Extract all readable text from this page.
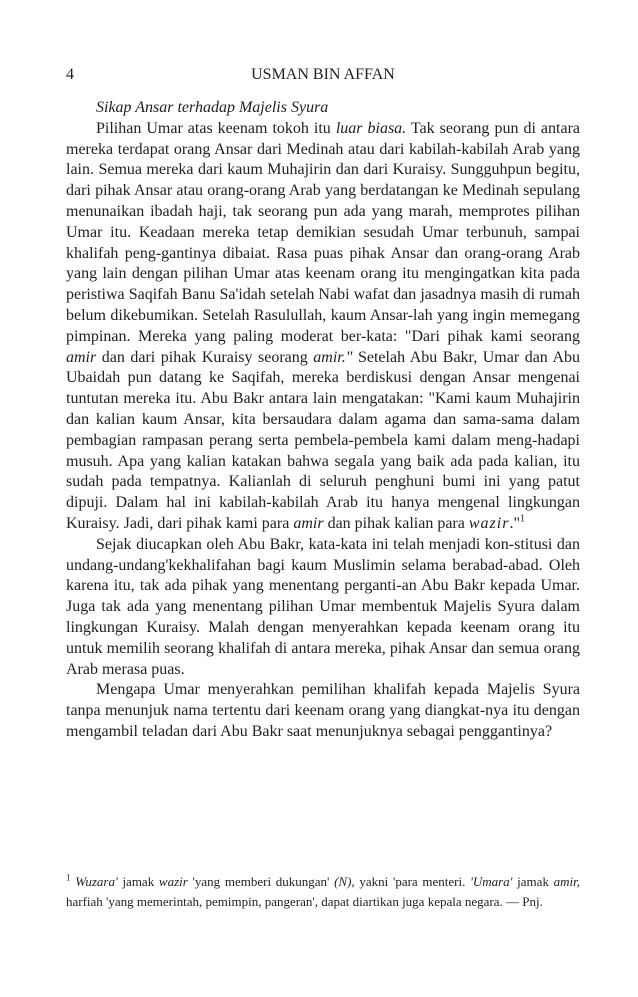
4	USMAN BIN AFFAN
Sikap Ansar terhadap Majelis Syura

Pilihan Umar atas keenam tokoh itu luar biasa. Tak seorang pun di antara mereka terdapat orang Ansar dari Medinah atau dari kabilah-kabilah Arab yang lain. Semua mereka dari kaum Muhajirin dan dari Kuraisy. Sungguhpun begitu, dari pihak Ansar atau orang-orang Arab yang berdatangan ke Medinah sepulang menunaikan ibadah haji, tak seorang pun ada yang marah, memprotes pilihan Umar itu. Keadaan mereka tetap demikian sesudah Umar terbunuh, sampai khalifah peng-gantinya dibaiat. Rasa puas pihak Ansar dan orang-orang Arab yang lain dengan pilihan Umar atas keenam orang itu mengingatkan kita pada peristiwa Saqifah Banu Sa'idah setelah Nabi wafat dan jasadnya masih di rumah belum dikebumikan. Setelah Rasulullah, kaum Ansar-lah yang ingin memegang pimpinan. Mereka yang paling moderat ber-kata: "Dari pihak kami seorang amir dan dari pihak Kuraisy seorang amir." Setelah Abu Bakr, Umar dan Abu Ubaidah pun datang ke Saqifah, mereka berdiskusi dengan Ansar mengenai tuntutan mereka itu. Abu Bakr antara lain mengatakan: "Kami kaum Muhajirin dan kalian kaum Ansar, kita bersaudara dalam agama dan sama-sama dalam pembagian rampasan perang serta pembela-pembela kami dalam meng-hadapi musuh. Apa yang kalian katakan bahwa segala yang baik ada pada kalian, itu sudah pada tempatnya. Kalianlah di seluruh penghuni bumi ini yang patut dipuji. Dalam hal ini kabilah-kabilah Arab itu hanya mengenal lingkungan Kuraisy. Jadi, dari pihak kami para amir dan pihak kalian para wazir."$^1$

Sejak diucapkan oleh Abu Bakr, kata-kata ini telah menjadi kon-stitusi dan undang-undang'kekhalifahan bagi kaum Muslimin selama berabad-abad. Oleh karena itu, tak ada pihak yang menentang perganti-an Abu Bakr kepada Umar. Juga tak ada yang menentang pilihan Umar membentuk Majelis Syura dalam lingkungan Kuraisy. Malah dengan menyerahkan kepada keenam orang itu untuk memilih seorang khalifah di antara mereka, pihak Ansar dan semua orang Arab merasa puas.

Mengapa Umar menyerahkan pemilihan khalifah kepada Majelis Syura tanpa menunjuk nama tertentu dari keenam orang yang diangkat-nya itu dengan mengambil teladan dari Abu Bakr saat menunjuknya sebagai penggantinya?

$^1$ Wuzara' jamak wazir 'yang memberi dukungan' (N), yakni 'para menteri. 'Umara' jamak amir, harfiah 'yang memerintah, pemimpin, pangeran', dapat diartikan juga kepala negara. — Pnj.
